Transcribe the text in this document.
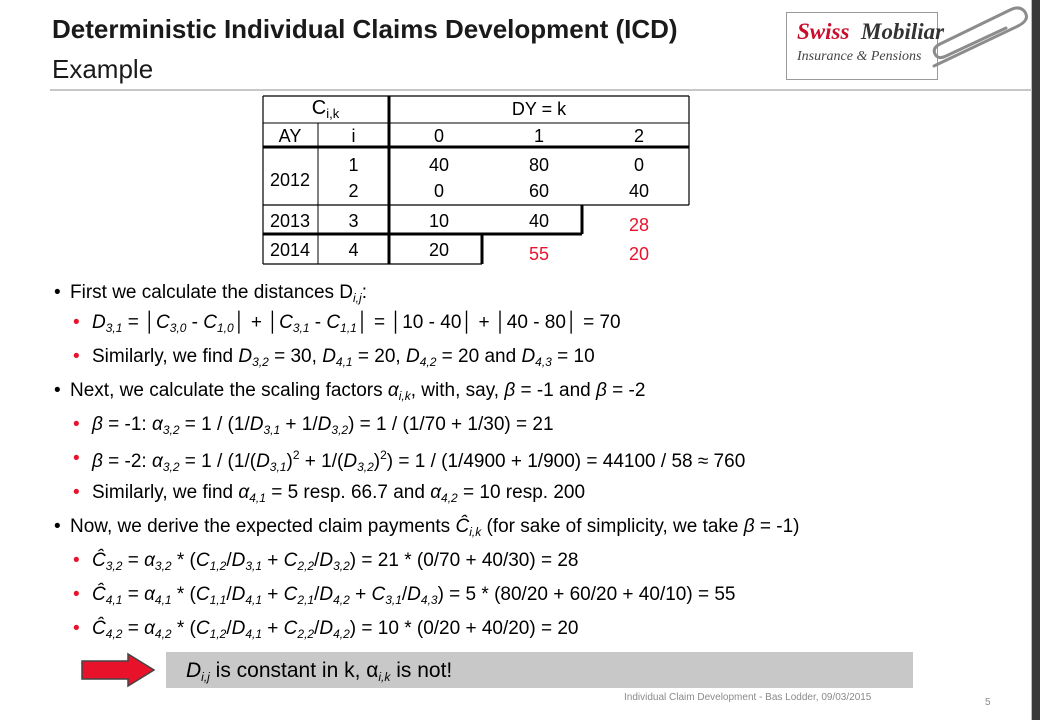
Deterministic Individual Claims Development (ICD)
Example
Swiss Mobiliar
Insurance & Pensions
$C_{i,k}$	DY = k
AY	i	0	1	2
2012
1	40	80	0
2	0	60	40
2013	3	10	40	28
2014	4	20	55	20
• First we calculate the distances $D_{i,j}$:
• $D_{3,1}$ = $│C_{3,0}$ - $C_{1,0}│$ + $│C_{3,1}$ - $C_{1,1}│$ = │10 - 40│ + │40 - 80│ = 70
• Similarly, we find $D_{3,2} = 30$, $D_{4,1} = 20$, $D_{4,2} = 20$ and $D_{4,3} = 10$
• Next, we calculate the scaling factors $\alpha_{i,k}$, with, say, β = -1 and β = -2
• β = -1: $\alpha_{3,2} = 1 / (1/D_{3,1} + 1/D_{3,2}) = 1 / (1/70 + 1/30) = 21$
• β = -2: $\alpha_{3,2} = 1 / (1/(D_{3,1})^2 + 1/(D_{3,2})^2) = 1 / (1/4900 + 1/900) = 44100 / 58 \approx 760$
• Similarly, we find $\alpha_{4,1} = 5$ resp. 66.7 and $\alpha_{4,2} = 10$ resp. 200
• Now, we derive the expected claim payments $Ĉ_{i,k}$ (for sake of simplicity, we take β = -1)
• $Ĉ_{3,2} = \alpha_{3,2} * (C_{1,2}/D_{3,1} + C_{2,2}/D_{3,2}) = 21 * (0/70 + 40/30) = 28$
• $Ĉ_{4,1} = \alpha_{4,1} * (C_{1,1}/D_{4,1} + C_{2,1}/D_{4,2} + C_{3,1}/D_{4,3}) = 5 * (80/20 + 60/20 + 40/10) = 55$
• $Ĉ_{4,2} = \alpha_{4,2} * (C_{1,2}/D_{4,1} + C_{2,2}/D_{4,2}) = 10 * (0/20 + 40/20) = 20$
$D_{i,j}$ is constant in k, $\alpha_{i,k}$ is not!
Individual Claim Development - Bas Lodder, 09/03/2015	5
